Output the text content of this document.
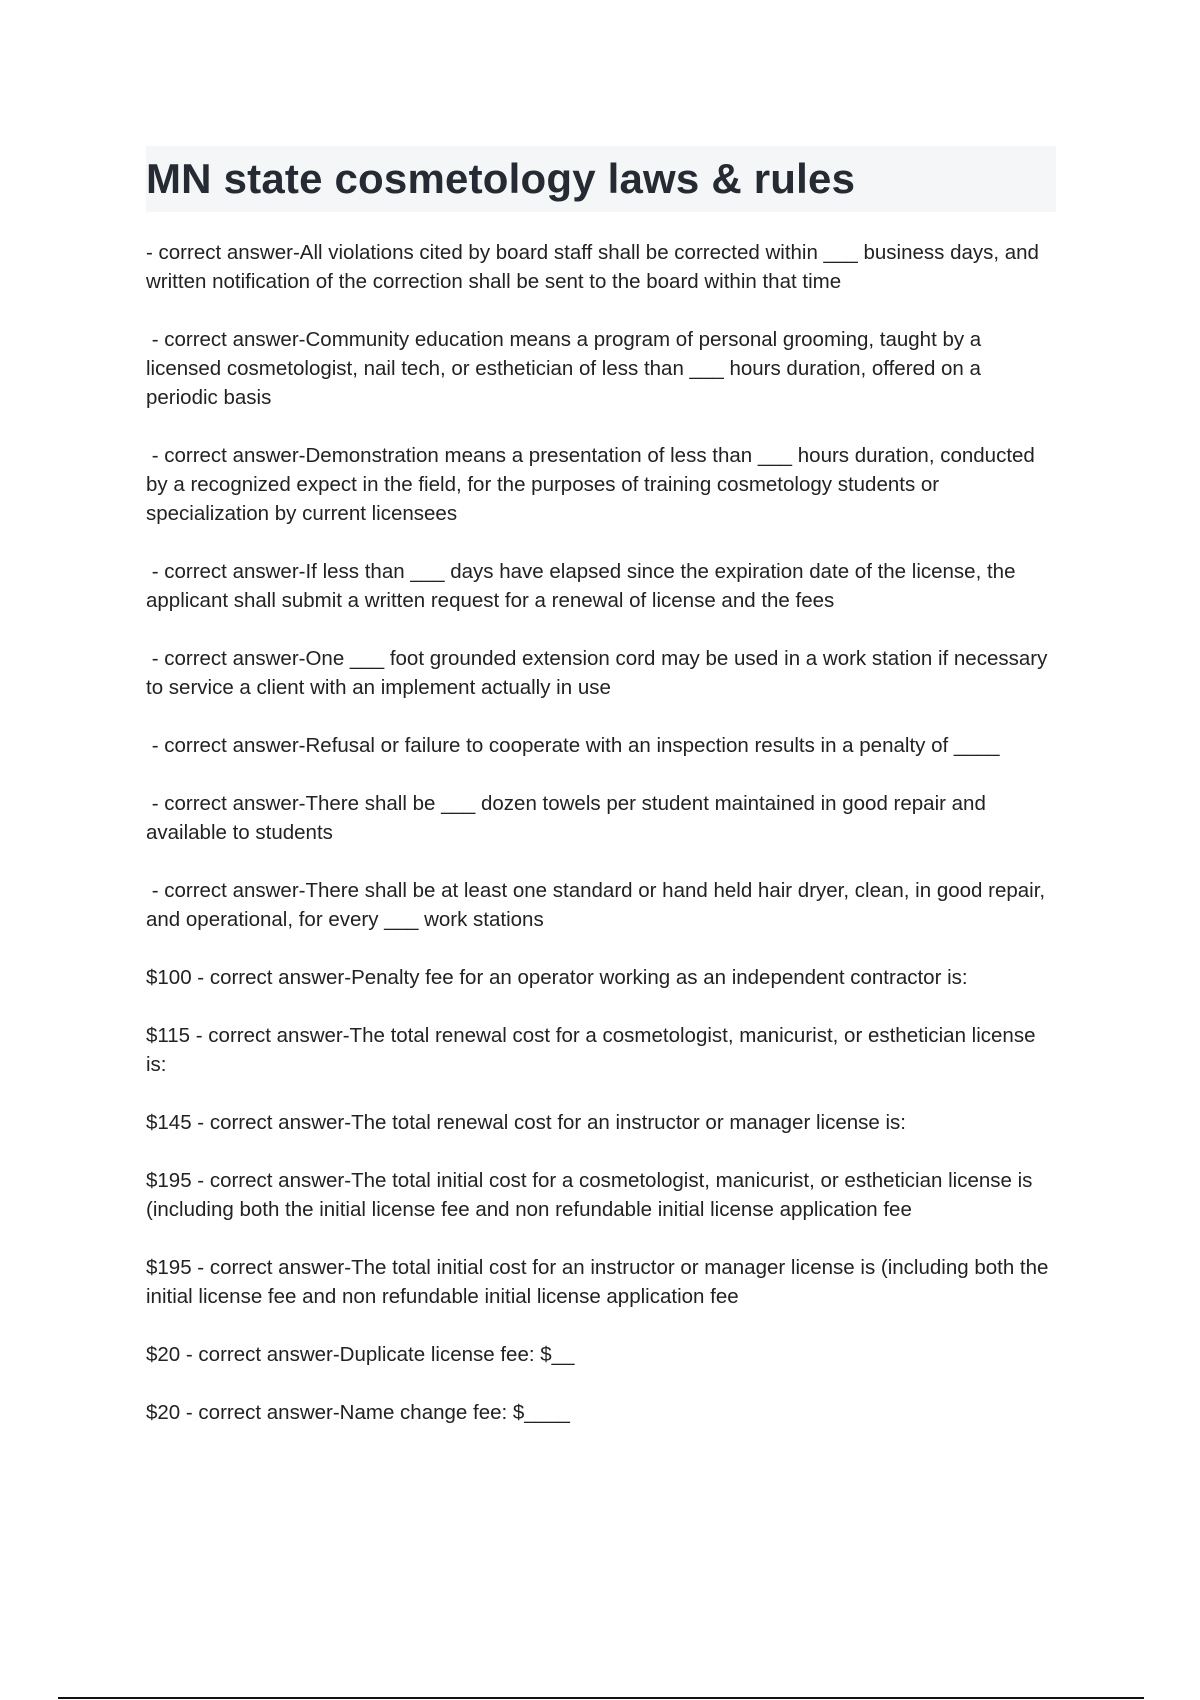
MN state cosmetology laws & rules
- correct answer-All violations cited by board staff shall be corrected within ___ business days, and written notification of the correction shall be sent to the board within that time
- correct answer-Community education means a program of personal grooming, taught by a licensed cosmetologist, nail tech, or esthetician of less than ___ hours duration, offered on a periodic basis
- correct answer-Demonstration means a presentation of less than ___ hours duration, conducted by a recognized expect in the field, for the purposes of training cosmetology students or specialization by current licensees
- correct answer-If less than ___ days have elapsed since the expiration date of the license, the applicant shall submit a written request for a renewal of license and the fees
- correct answer-One ___ foot grounded extension cord may be used in a work station if necessary to service a client with an implement actually in use
- correct answer-Refusal or failure to cooperate with an inspection results in a penalty of ____
- correct answer-There shall be ___ dozen towels per student maintained in good repair and available to students
- correct answer-There shall be at least one standard or hand held hair dryer, clean, in good repair, and operational, for every ___ work stations
$100 - correct answer-Penalty fee for an operator working as an independent contractor is:
$115 - correct answer-The total renewal cost for a cosmetologist, manicurist, or esthetician license is:
$145 - correct answer-The total renewal cost for an instructor or manager license is:
$195 - correct answer-The total initial cost for a cosmetologist, manicurist, or esthetician license is (including both the initial license fee and non refundable initial license application fee
$195 - correct answer-The total initial cost for an instructor or manager license is (including both the initial license fee and non refundable initial license application fee
$20 - correct answer-Duplicate license fee: $__
$20 - correct answer-Name change fee: $____
